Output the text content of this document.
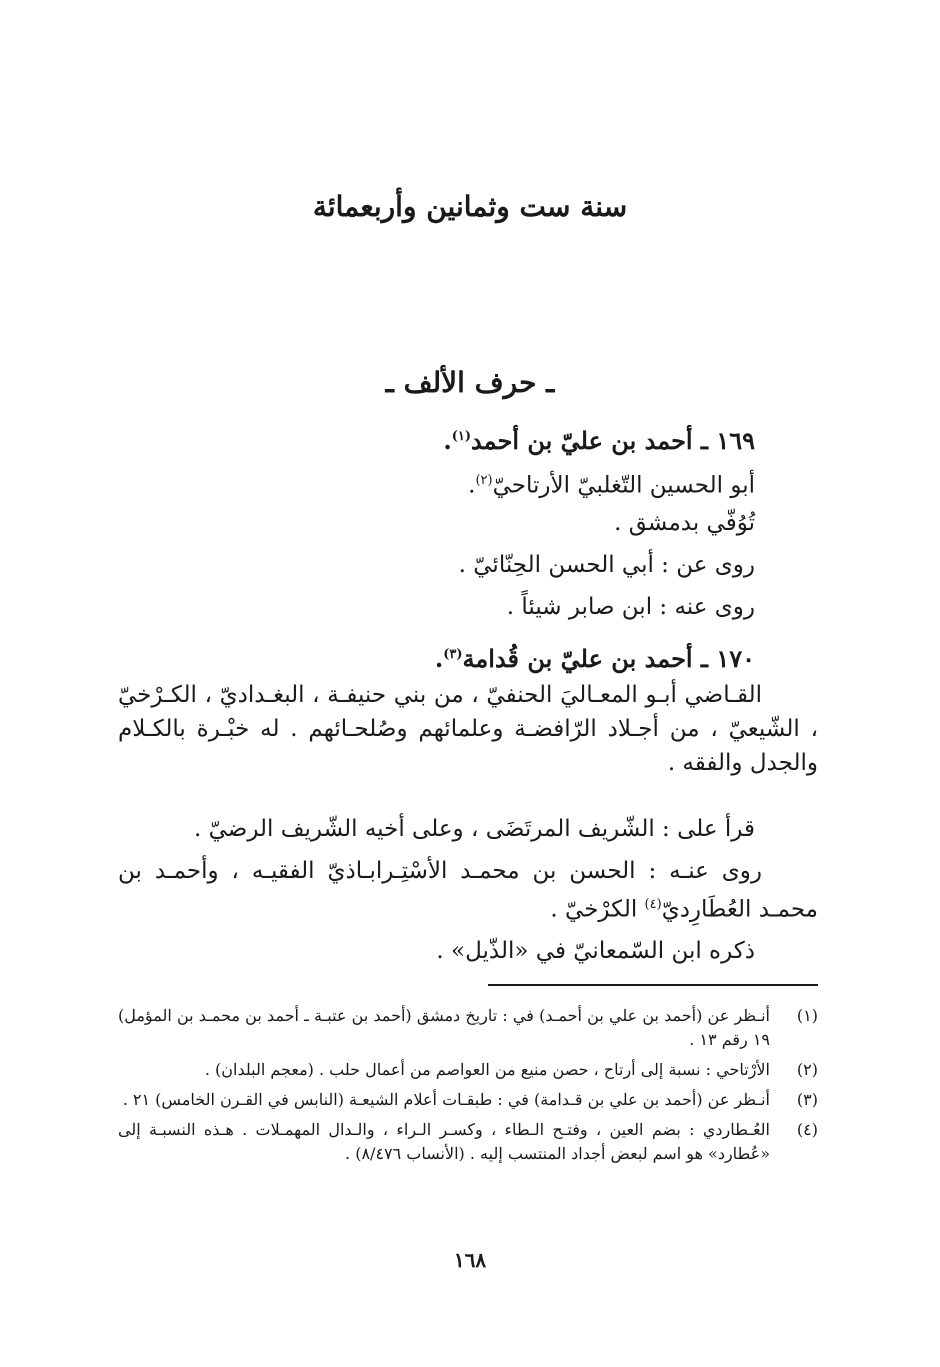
سنة ست وثمانين وأربعمائة
ـ حرف الألف ـ
١٦٩ ـ أحمد بن عليّ بن أحمد$^{(١)}$.
أبو الحسين التّغلبيّ الأرتاحيّ$^{(٢)}$.
تُوُفّي بدمشق .
روى عن : أبي الحسن الحِنّائيّ .
روى عنه : ابن صابر شيئاً .
١٧٠ ـ أحمد بن عليّ بن قُدامة$^{(٣)}$.
القـاضي أبـو المعـاليَ الحنفيّ ، من بني حنيفـة ، البغـداديّ ، الكـرْخيّ ، الشّيعيّ ، من أجـلاد الرّافضـة وعلمائهم وصُلحـائهم . له خبْـرة بالكـلام والجدل والفقه .
قرأ على : الشّريف المرتَضَى ، وعلى أخيه الشّريف الرضيّ .
روى عنـه : الحسن بن محمـد الأسْتِـرابـاذيّ الفقيـه ، وأحمـد بن محمـد العُطَارِديّ$^{(٤)}$ الكرْخيّ .
ذكره ابن السّمعانيّ في «الذّيل» .
(١)
أنـظر عن (أحمد بن علي بن أحمـد) في : تاريخ دمشق (أحمد بن عتبـة ـ أحمد بن محمـد بن المؤمل) ١٩ رقم ١٣ .
(٢)
الأرْتاحي : نسبة إلى أرتاح ، حصن منيع من العواصم من أعمال حلب . (معجم البلدان) .
(٣)
أنـظر عن (أحمد بن علي بن قـدامة) في : طبقـات أعلام الشيعـة (النابس في القـرن الخامس) ٢١ .
(٤)
العُـطاردي : بضم العين ، وفتـح الـطاء ، وكسـر الـراء ، والـدال المهمـلات . هـذه النسبـة إلى «عُطارد» هو اسم لبعض أجداد المنتسب إليه . (الأنساب ٨/٤٧٦) .
١٦٨
